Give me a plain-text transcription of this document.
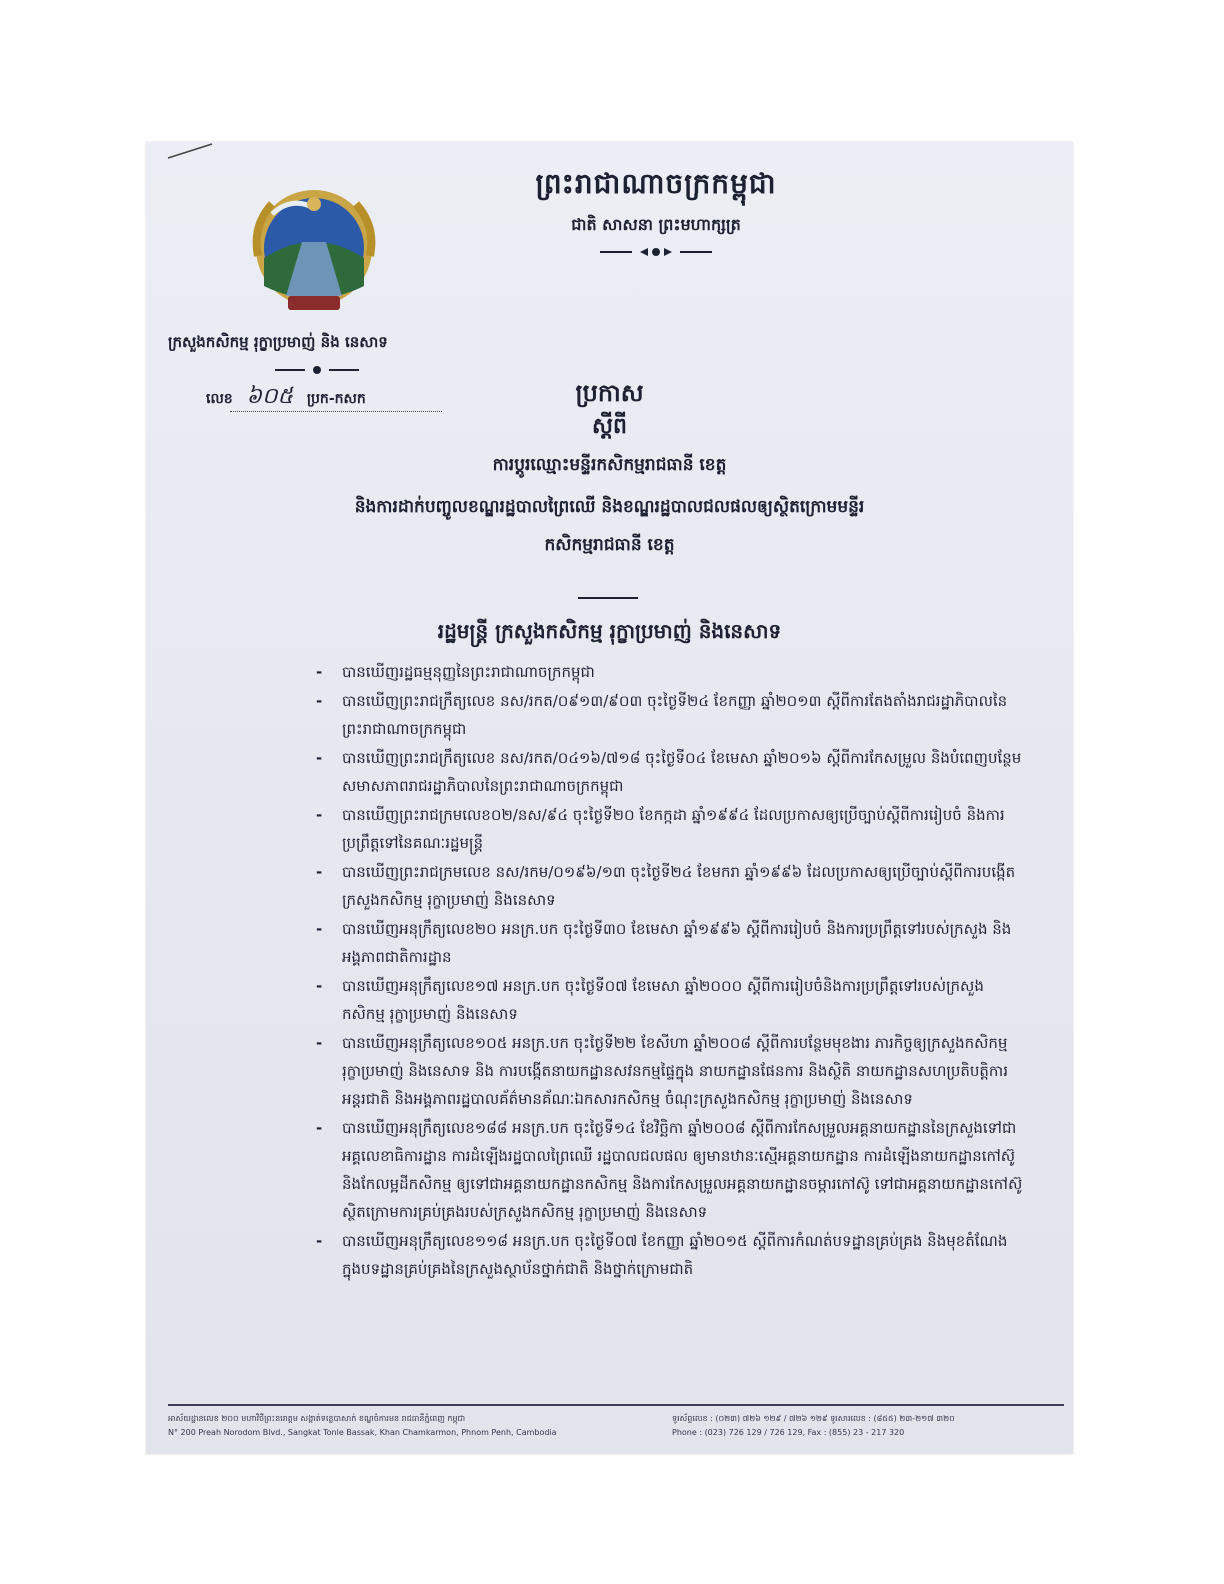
ព្រះរាជាណាចក្រកម្ពុជា
ជាតិ សាសនា ព្រះមហាក្សត្រ
ក្រសួងកសិកម្ម រុក្ខាប្រមាញ់ និង នេសាទ
លេខ ៦០៥ ប្រក-កសក	ប្រកាស
ស្តីពី
ការប្តូរឈ្មោះមន្ទីរកសិកម្មរាជធានី ខេត្ត
និងការដាក់បញ្ចូលខណ្ឌរដ្ឋបាលព្រៃឈើ និងខណ្ឌរដ្ឋបាលជលផលឲ្យស្ថិតក្រោមមន្ទីរ
កសិកម្មរាជធានី ខេត្ត
រដ្ឋមន្ត្រី ក្រសួងកសិកម្ម រុក្ខាប្រមាញ់ និងនេសាទ
- បានឃើញរដ្ឋធម្មនុញ្ញនៃព្រះរាជាណាចក្រកម្ពុជា
- បានឃើញព្រះរាជក្រឹត្យលេខ នស/រកត/០៩១៣/៩០៣ ចុះថ្ងៃទី២៤ ខែកញ្ញា ឆ្នាំ២០១៣ ស្តីពីការតែងតាំងរាជរដ្ឋាភិបាលនៃព្រះរាជាណាចក្រកម្ពុជា
- បានឃើញព្រះរាជក្រឹត្យលេខ នស/រកត/០៤១៦/៧១៨ ចុះថ្ងៃទី០៤ ខែមេសា ឆ្នាំ២០១៦ ស្តីពីការកែសម្រួល និងបំពេញបន្ថែមសមាសភាពរាជរដ្ឋាភិបាលនៃព្រះរាជាណាចក្រកម្ពុជា
- បានឃើញព្រះរាជក្រមលេខ០២/នស/៩៤ ចុះថ្ងៃទី២០ ខែកក្កដា ឆ្នាំ១៩៩៤ ដែលប្រកាសឲ្យប្រើច្បាប់ស្តីពីការរៀបចំ និងការប្រព្រឹត្តទៅនៃគណៈរដ្ឋមន្ត្រី
- បានឃើញព្រះរាជក្រមលេខ នស/រកម/០១៩៦/១៣ ចុះថ្ងៃទី២៤ ខែមករា ឆ្នាំ១៩៩៦ ដែលប្រកាសឲ្យប្រើច្បាប់ស្តីពីការបង្កើតក្រសួងកសិកម្ម រុក្ខាប្រមាញ់ និងនេសាទ
- បានឃើញអនុក្រឹត្យលេខ២០ អនក្រ.បក ចុះថ្ងៃទី៣០ ខែមេសា ឆ្នាំ១៩៩៦ ស្តីពីការរៀបចំ និងការប្រព្រឹត្តទៅរបស់ក្រសួង និងអង្គភាពជាតិការដ្ឋាន
- បានឃើញអនុក្រឹត្យលេខ១៧ អនក្រ.បក ចុះថ្ងៃទី០៧ ខែមេសា ឆ្នាំ២០០០ ស្តីពីការរៀបចំនិងការប្រព្រឹត្តទៅរបស់ក្រសួងកសិកម្ម រុក្ខាប្រមាញ់ និងនេសាទ
- បានឃើញអនុក្រឹត្យលេខ១០៥ អនក្រ.បក ចុះថ្ងៃទី២២ ខែសីហា ឆ្នាំ២០០៨ ស្តីពីការបន្ថែមមុខងារ ភារកិច្ចឲ្យក្រសួងកសិកម្ម រុក្ខាប្រមាញ់ និងនេសាទ និង ការបង្កើតនាយកដ្ឋានសវនកម្មផ្ទៃក្នុង នាយកដ្ឋានផែនការ និងស្ថិតិ នាយកដ្ឋានសហប្រតិបត្តិការអន្តរជាតិ និងអង្គភាពរដ្ឋបាលគ័ត៌មានគ័ណៈឯកសារកសិកម្ម ចំណុះក្រសួងកសិកម្ម រុក្ខាប្រមាញ់ និងនេសាទ
- បានឃើញអនុក្រឹត្យលេខ១៨៨ អនក្រ.បក ចុះថ្ងៃទី១៤ ខែវិច្ឆិកា ឆ្នាំ២០០៨ ស្តីពីការកែសម្រួលអគ្គនាយកដ្ឋាននៃក្រសួងទៅជាអគ្គលេខាធិការដ្ឋាន ការដំឡើងរដ្ឋបាលព្រៃឈើ រដ្ឋបាលជលផល ឲ្យមានឋានៈស្មើអគ្គនាយកដ្ឋាន ការដំឡើងនាយកដ្ឋានកៅស៊ូ និងកែលម្អដីកសិកម្ម ឲ្យទៅជាអគ្គនាយកដ្ឋានកសិកម្ម និងការកែសម្រួលអគ្គនាយកដ្ឋានចម្ការកៅស៊ូ ទៅជាអគ្គនាយកដ្ឋានកៅស៊ូ ស្ថិតក្រោមការគ្រប់គ្រងរបស់ក្រសួងកសិកម្ម រុក្ខាប្រមាញ់ និងនេសាទ
- បានឃើញអនុក្រឹត្យលេខ១១៨ អនក្រ.បក ចុះថ្ងៃទី០៧ ខែកញ្ញា ឆ្នាំ២០១៥ ស្តីពីការកំណត់បទដ្ឋានគ្រប់គ្រង និងមុខតំណែងក្នុងបទដ្ឋានគ្រប់គ្រងនៃក្រសួងស្ថាប័នថ្នាក់ជាតិ និងថ្នាក់ក្រោមជាតិ
អាស័យដ្ឋានលេខ ២០០ មហាវិថីព្រះនរោត្តម សង្កាត់ទន្លេបាសាក់ ខណ្ឌចំការមន រាជធានីភ្នំពេញ កម្ពុជា
N° 200 Preah Norodom Blvd., Sangkat Tonle Bassak, Khan Chamkarmon, Phnom Penh, Cambodia
ទូរស័ព្ទលេខ : (០២៣) ៧២៦ ១២៩ / ៧២៦ ១២៩ ទូរសារលេខ : (៨៥៥) ២៣-២១៧ ៣២០
Phone : (023) 726 129 / 726 129, Fax : (855) 23 - 217 320
